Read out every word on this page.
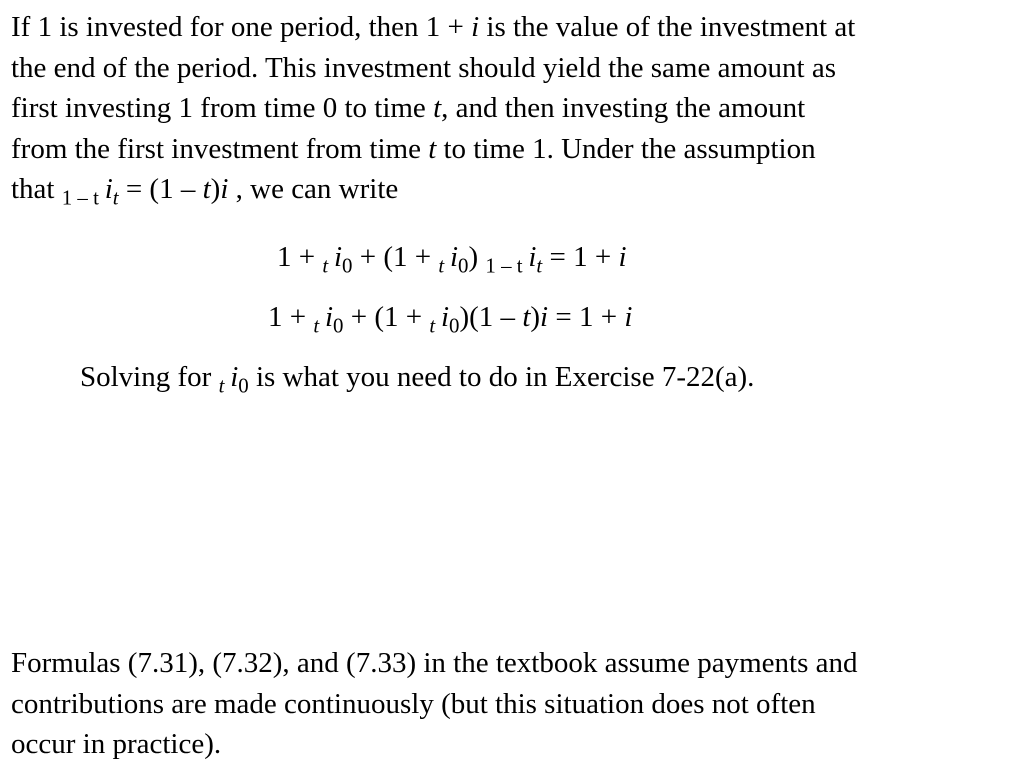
If 1 is invested for one period, then 1 + i is the value of the investment at
the end of the period. This investment should yield the same amount as
first investing 1 from time 0 to time t, and then investing the amount
from the first investment from time t to time 1. Under the assumption
that $_{1 - t}$  $i_t = (1 - t)i$ , we can write
1 + $_t$  $i_0 + (1 + _t$  $i_0$) $_{1 - t}$  $i_t = 1 + i$
1 + $_t$  $i_0 + (1 + _t$  $i_0)(1 - t)i = 1 + i$
Solving for $_t$  $i_0$ is what you need to do in Exercise 7-22(a).
Formulas (7.31), (7.32), and (7.33) in the textbook assume payments and
contributions are made continuously (but this situation does not often
occur in practice).
